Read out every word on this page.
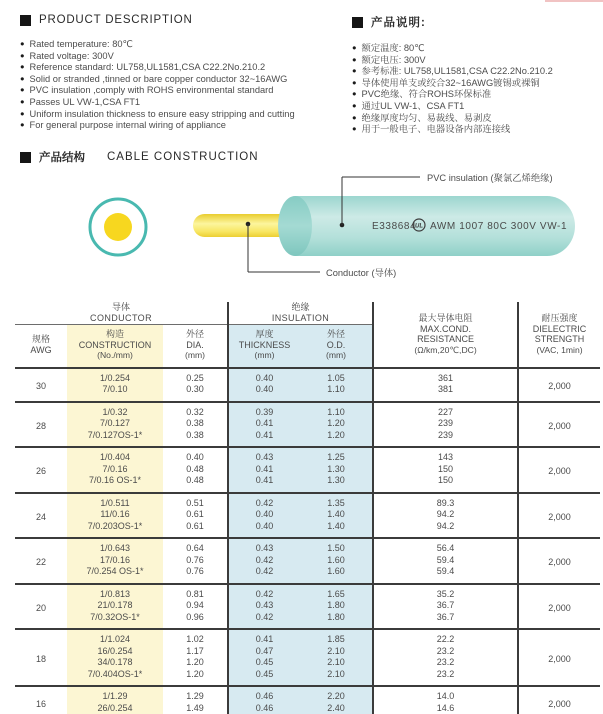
PRODUCT DESCRIPTION
● Rated temperature: 80℃
● Rated voltage: 300V
● Reference standard: UL758,UL1581,CSA C22.2No.210.2
● Solid or stranded ,tinned or bare copper conductor 32~16AWG
● PVC insulation ,comply with ROHS environmental standard
● Passes UL VW-1,CSA FT1
● Uniform insulation thickness to ensure easy stripping and cutting
● For general purpose internal wiring of appliance
产品说明:
● 额定温度: 80℃
● 额定电压: 300V
● 参考标准: UL758,UL1581,CSA C22.2No.210.2
● 导体使用单支或绞合32~16AWG镀锡或裸铜
● PVC绝缘、符合ROHS环保标准
● 通过UL VW-1、CSA FT1
● 绝缘厚度均匀、易裁线、易剥皮
● 用于一般电子、电器设备内部连接线
产品结构 CABLE CONSTRUCTION
E338684
UL AWM 1007 80C 300V VW-1
PVC insulation (聚氯乙烯绝缘)
Conductor (导体)
导体
CONDUCTOR

绝缘
INSULATION	最大导体电阻
MAX.COND.
RESISTANCE
(Ω/km,20℃,DC)

耐压强度
DIELECTRIC
STRENGTH
(VAC, 1min)

规格
AWG

构造
CONSTRUCTION
(No./mm)

外径
DIA.
(mm)

厚度
THICKNESS
(mm)

外径
O.D.
(mm)

30	1/0.254	0.25	0.40	1.05	361	2,000
	7/0.10	0.30	0.40	1.10	381	
28	1/0.32	0.32	0.39	1.10	227	2,000
	7/0.127	0.38	0.41	1.20	239	
	7/0.127OS-1*	0.38	0.41	1.20	239	
26	1/0.404	0.40	0.43	1.25	143	2,000
	7/0.16	0.48	0.41	1.30	150	
	7/0.16 OS-1*	0.48	0.41	1.30	150	
24	1/0.511	0.51	0.42	1.35	89.3	2,000
	11/0.16	0.61	0.40	1.40	94.2	
	7/0.203OS-1*	0.61	0.40	1.40	94.2	
22	1/0.643	0.64	0.43	1.50	56.4	2,000
	17/0.16	0.76	0.42	1.60	59.4	
	7/0.254 OS-1*	0.76	0.42	1.60	59.4	
20	1/0.813	0.81	0.42	1.65	35.2	2,000
	21/0.178	0.94	0.43	1.80	36.7	
	7/0.32OS-1*	0.96	0.42	1.80	36.7	
18	1/1.024	1.02	0.41	1.85	22.2	2,000
	16/0.254	1.17	0.47	2.10	23.2	
	34/0.178	1.20	0.45	2.10	23.2	
	7/0.404OS-1*	1.20	0.45	2.10	23.2	
16	1/1.29	1.29	0.46	2.20	14.0	2,000
	26/0.254	1.49	0.46	2.40	14.6	
